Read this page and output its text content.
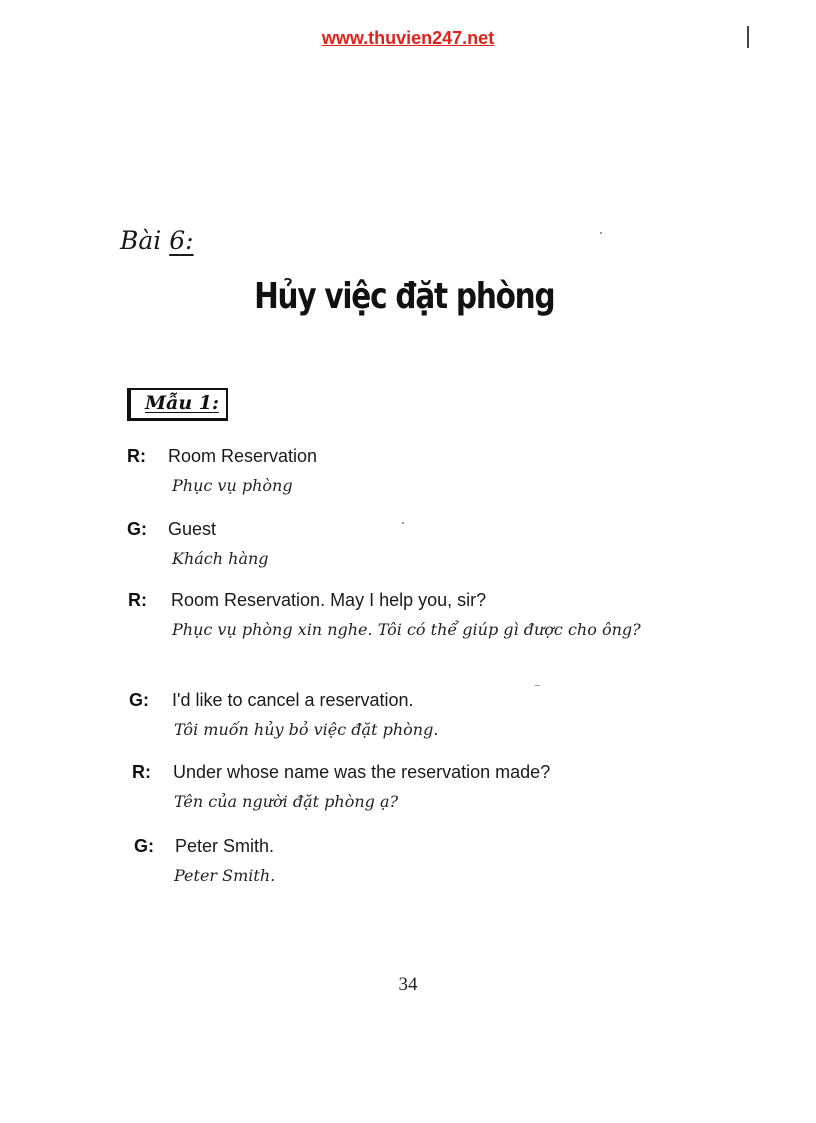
www.thuvien247.net
Bài 6:
Hủy việc đặt phòng
Mẫu 1:
R: Room Reservation
Phục vụ phòng
G: Guest
Khách hàng
R: Room Reservation. May I help you, sir?
Phục vụ phòng xin nghe. Tôi có thể giúp gì được cho ông?
G: I'd like to cancel a reservation.
Tôi muốn hủy bỏ việc đặt phòng.
R: Under whose name was the reservation made?
Tên của người đặt phòng ạ?
G: Peter Smith.
Peter Smith.
34
